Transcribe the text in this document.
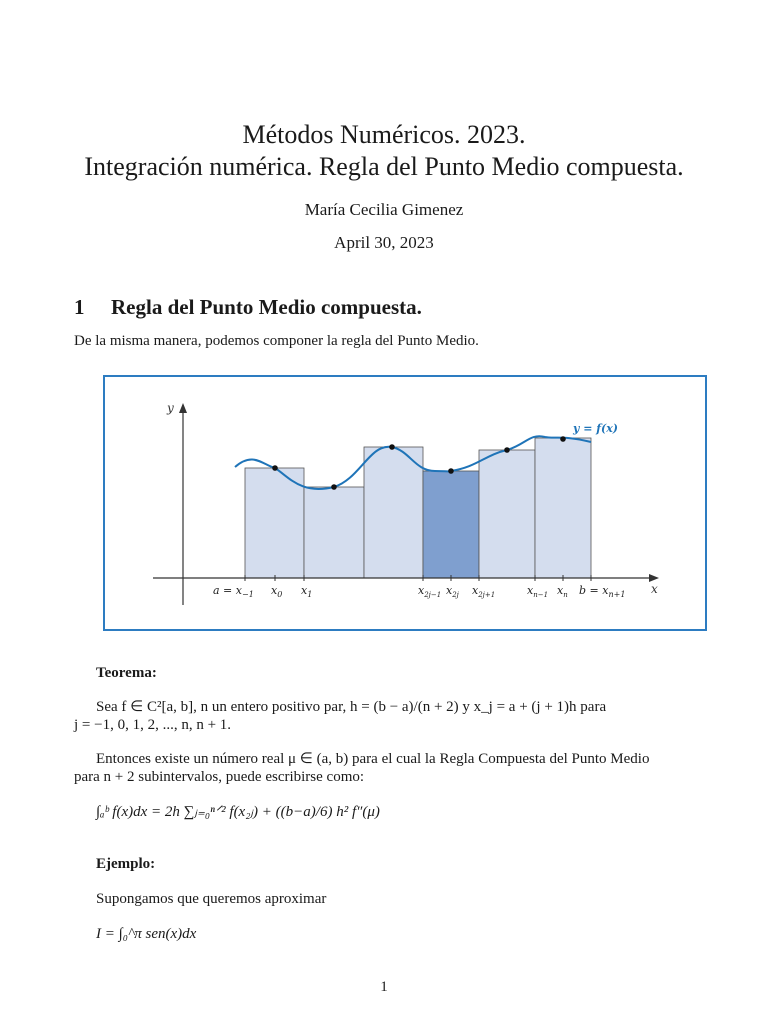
Métodos Numéricos. 2023.
Integración numérica. Regla del Punto Medio compuesta.
María Cecilia Gimenez
April 30, 2023
1 Regla del Punto Medio compuesta.
De la misma manera, podemos componer la regla del Punto Medio.
y
x
y = f(x)
$a = x_{-1}$ $x_0$ $x_1$	$x_{2j-1}$ $x_{2j}$ $x_{2j+1}$	$x_{n-1}$ $x_n$ $b = x_{n+1}$
Teorema:
Sea f ∈ C²[a, b], n un entero positivo par, h = (b − a)/(n + 2) y x_j = a + (j + 1)h para
j = −1, 0, 1, 2, ..., n, n + 1.
Entonces existe un número real μ ∈ (a, b) para el cual la Regla Compuesta del Punto Medio
para n + 2 subintervalos, puede escribirse como:
∫ₐᵇ f(x)dx = 2h ∑ⱼ₌₀ⁿᐟ² f(x₂ⱼ) + ((b−a)/6) h² f″(μ)
Ejemplo:
Supongamos que queremos aproximar
I = ∫₀^π sen(x)dx
1
